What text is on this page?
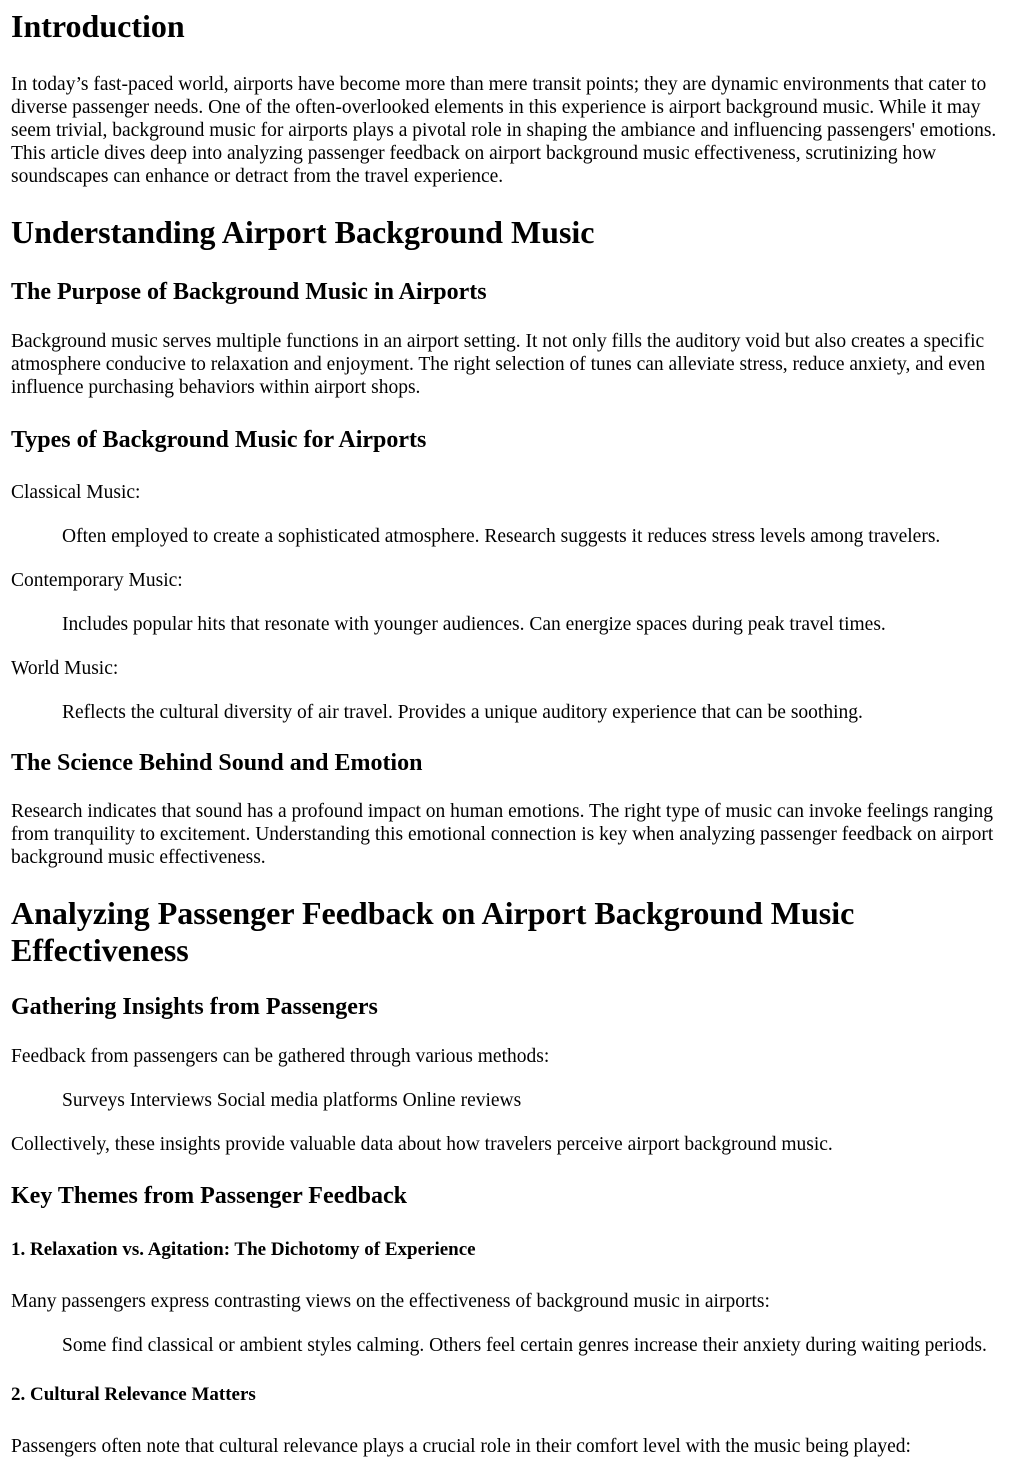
Introduction

In today’s fast-paced world, airports have become more than mere transit points; they are dynamic environments that cater to diverse passenger needs. One of the often-overlooked elements in this experience is airport background music. While it may seem trivial, background music for airports plays a pivotal role in shaping the ambiance and influencing passengers' emotions. This article dives deep into analyzing passenger feedback on airport background music effectiveness, scrutinizing how soundscapes can enhance or detract from the travel experience.

Understanding Airport Background Music
The Purpose of Background Music in Airports

Background music serves multiple functions in an airport setting. It not only fills the auditory void but also creates a specific atmosphere conducive to relaxation and enjoyment. The right selection of tunes can alleviate stress, reduce anxiety, and even influence purchasing behaviors within airport shops.

Types of Background Music for Airports

Classical Music:

Often employed to create a sophisticated atmosphere. Research suggests it reduces stress levels among travelers.

Contemporary Music:

Includes popular hits that resonate with younger audiences. Can energize spaces during peak travel times.

World Music:

Reflects the cultural diversity of air travel. Provides a unique auditory experience that can be soothing.

The Science Behind Sound and Emotion

Research indicates that sound has a profound impact on human emotions. The right type of music can invoke feelings ranging from tranquility to excitement. Understanding this emotional connection is key when analyzing passenger feedback on airport background music effectiveness.

Analyzing Passenger Feedback on Airport Background Music Effectiveness
Gathering Insights from Passengers

Feedback from passengers can be gathered through various methods:

Surveys Interviews Social media platforms Online reviews

Collectively, these insights provide valuable data about how travelers perceive airport background music.

Key Themes from Passenger Feedback
1. Relaxation vs. Agitation: The Dichotomy of Experience

Many passengers express contrasting views on the effectiveness of background music in airports:

Some find classical or ambient styles calming. Others feel certain genres increase their anxiety during waiting periods.

2. Cultural Relevance Matters

Passengers often note that cultural relevance plays a crucial role in their comfort level with the music being played:
